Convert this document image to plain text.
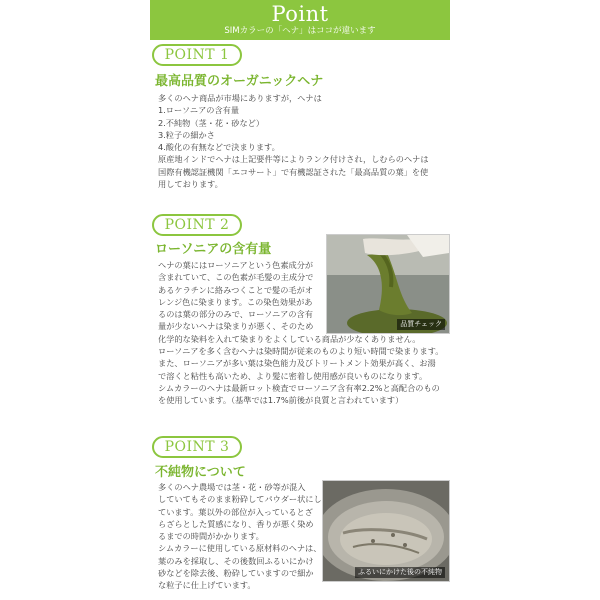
Point
SIMカラーの「ヘナ」はココが違います
POINT 1
最高品質のオーガニックヘナ
多くのヘナ商品が市場にありますが，ヘナは
1.ローソニアの含有量
2.不純物（茎・花・砂など）
3.粒子の細かさ
4.酸化の有無などで決まります。
原産地インドでヘナは上記要件等によりランク付けされ，しむらのヘナは
国際有機認証機関「エコサート」で有機認証された「最高品質の葉」を使
用しております。
POINT 2
ローソニアの含有量
品質チェック
ヘナの葉にはローソニアという色素成分が
含まれていて、この色素が毛髪の主成分で
あるケラチンに絡みつくことで髪の毛がオ
レンジ色に染まります。この染色効果があ
るのは葉の部分のみで、ローソニアの含有
量が少ないヘナは染まりが悪く、そのため
化学的な染料を入れて染まりをよくしている商品が少なくありません。
ローソニアを多く含むヘナは染時間が従来のものより短い時間で染まります。
また、ローソニアが多い葉は染色能力及びトリートメント効果が高く、お湯
で溶くと粘性も高いため、より髪に密着し使用感が良いものになります。
シムカラーのヘナは最新ロット検査でローソニア含有率2.2%と高配合のもの
を使用しています。（基準では1.7%前後が良質と言われています）
POINT 3
不純物について
ふるいにかけた後の不純物
多くのヘナ農場では茎・花・砂等が混入
していてもそのまま粉砕してパウダー状にし
ています。葉以外の部位が入っているとざ
らざらとした質感になり、香りが悪く染め
るまでの時間がかかります。
シムカラーに使用している原材料のヘナは、
葉のみを採取し、その後数回ふるいにかけ
砂などを除去後、粉砕していますので細か
な粒子に仕上げています。
